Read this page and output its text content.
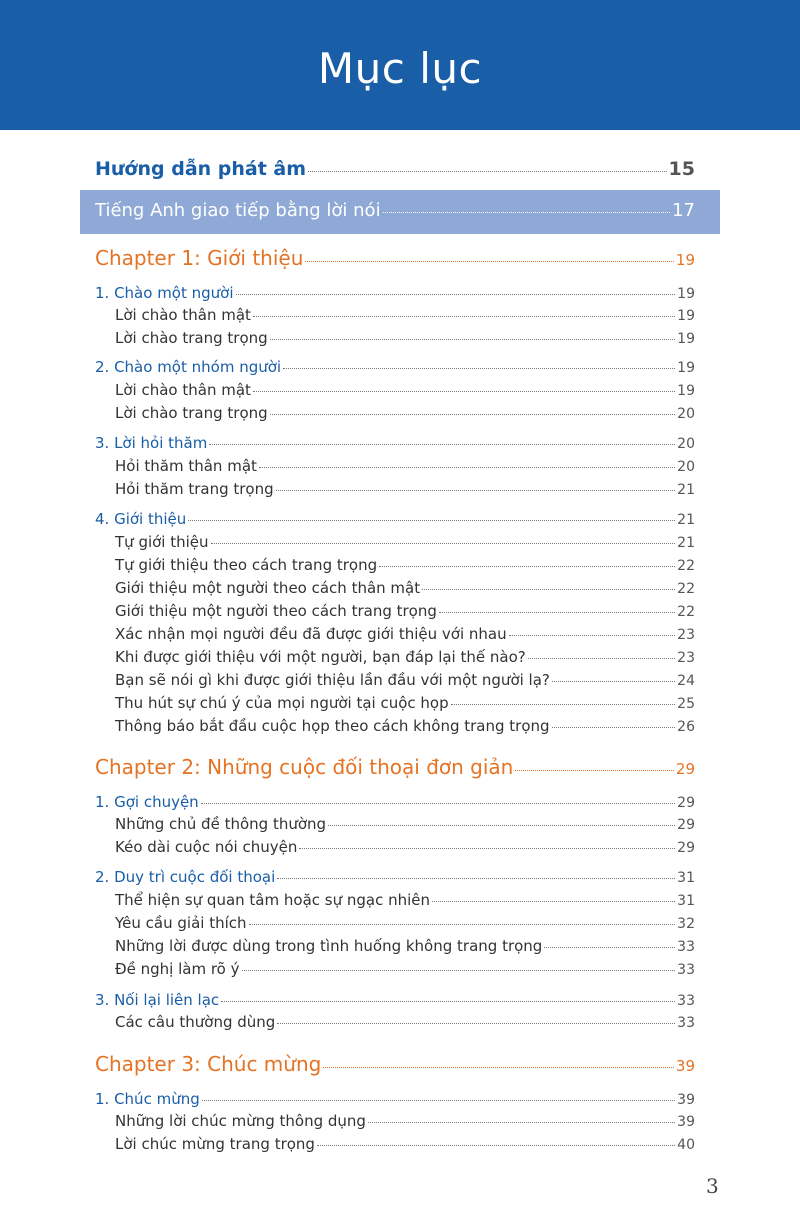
Mục lục
Hướng dẫn phát âm	15
Tiếng Anh giao tiếp bằng lời nói	17
Chapter 1: Giới thiệu	19
1. Chào một người	19
Lời chào thân mật	19
Lời chào trang trọng	19
2. Chào một nhóm người	19
Lời chào thân mật	19
Lời chào trang trọng	20
3. Lời hỏi thăm	20
Hỏi thăm thân mật	20
Hỏi thăm trang trọng	21
4. Giới thiệu	21
Tự giới thiệu	21
Tự giới thiệu theo cách trang trọng	22
Giới thiệu một người theo cách thân mật	22
Giới thiệu một người theo cách trang trọng	22
Xác nhận mọi người đều đã được giới thiệu với nhau	23
Khi được giới thiệu với một người, bạn đáp lại thế nào?	23
Bạn sẽ nói gì khi được giới thiệu lần đầu với một người lạ?	24
Thu hút sự chú ý của mọi người tại cuộc họp	25
Thông báo bắt đầu cuộc họp theo cách không trang trọng	26
Chapter 2: Những cuộc đối thoại đơn giản	29
1. Gợi chuyện	29
Những chủ đề thông thường	29
Kéo dài cuộc nói chuyện	29
2. Duy trì cuộc đối thoại	31
Thể hiện sự quan tâm hoặc sự ngạc nhiên	31
Yêu cầu giải thích	32
Những lời được dùng trong tình huống không trang trọng	33
Đề nghị làm rõ ý	33
3. Nối lại liên lạc	33
Các câu thường dùng	33
Chapter 3: Chúc mừng	39
1. Chúc mừng	39
Những lời chúc mừng thông dụng	39
Lời chúc mừng trang trọng	40
3
